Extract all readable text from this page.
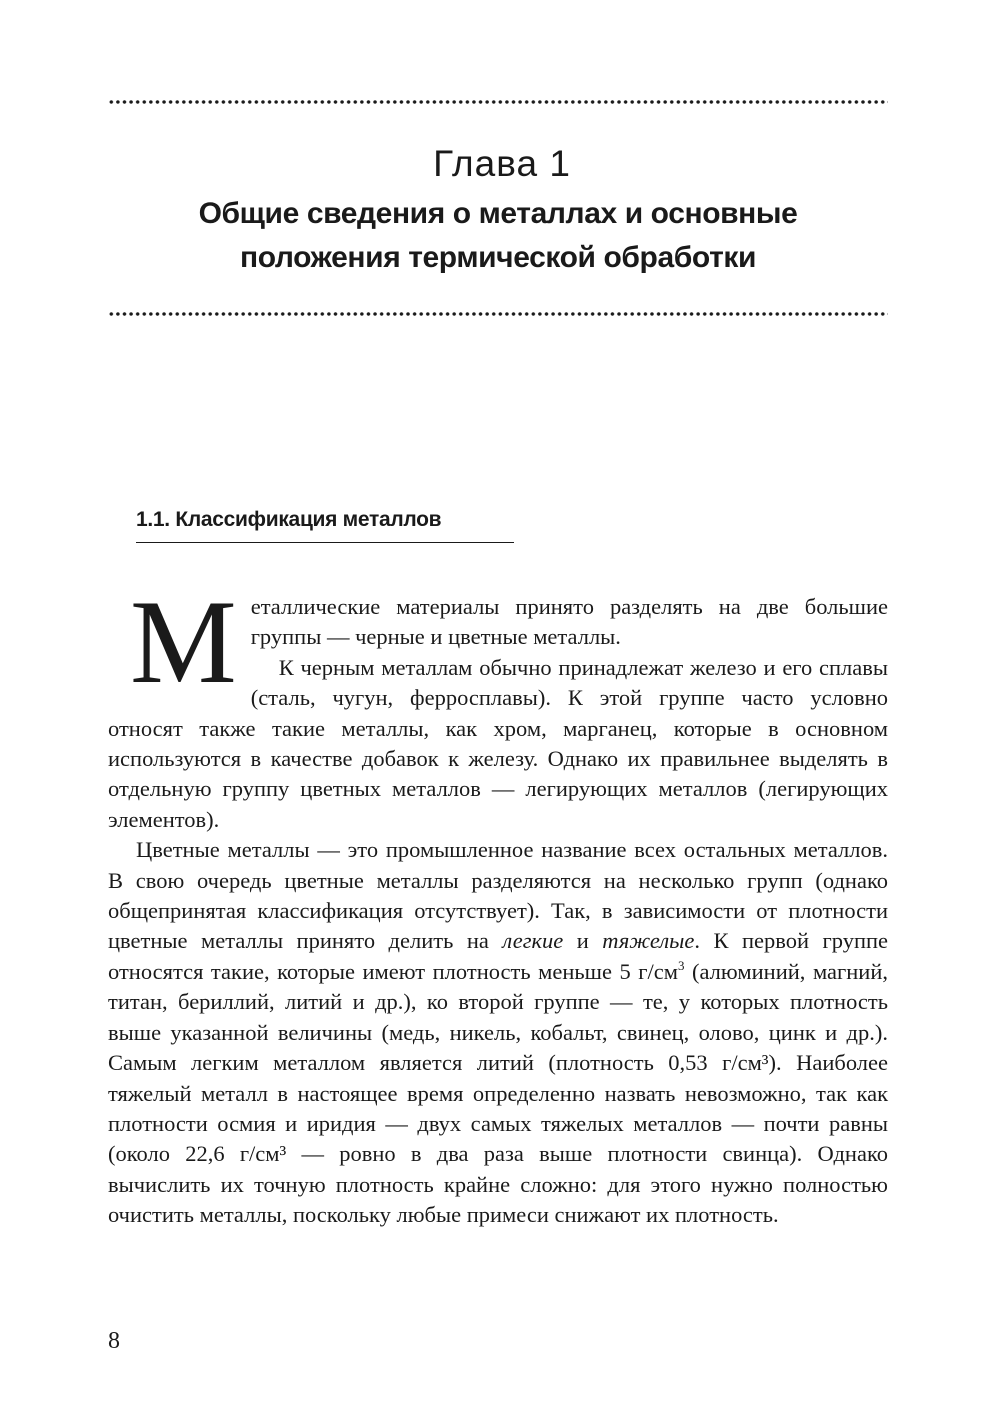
Глава 1
Общие сведения о металлах и основные
положения термической обработки
1.1. Классификация металлов

Металлические материалы принято разделять на две большие группы — черные и цветные металлы.
К черным металлам обычно принадлежат железо и его сплавы (сталь, чугун, ферросплавы). К этой группе часто условно относят также такие металлы, как хром, марганец, которые в основном используются в качестве добавок к железу. Однако их правильнее выделять в отдельную группу цветных металлов — легирующих металлов (легирующих элементов).

Цветные металлы — это промышленное название всех остальных металлов. В свою очередь цветные металлы разделяются на несколько групп (однако общепринятая классификация отсутствует). Так, в зависимости от плотности цветные металлы принято делить на легкие и тяжелые. К первой группе относятся такие, которые имеют плотность меньше 5 $г/см^3$ (алюминий, магний, титан, бериллий, литий и др.), ко второй группе — те, у которых плотность выше указанной величины (медь, никель, кобальт, свинец, олово, цинк и др.). Самым легким металлом является литий (плотность 0,53 г/см³). Наиболее тяжелый металл в настоящее время определенно назвать невозможно, так как плотности осмия и иридия — двух самых тяжелых металлов — почти равны (около 22,6 г/см³ — ровно в два раза выше плотности свинца). Однако вычислить их точную плотность крайне сложно: для этого нужно полностью очистить металлы, поскольку любые примеси снижают их плотность.

8
